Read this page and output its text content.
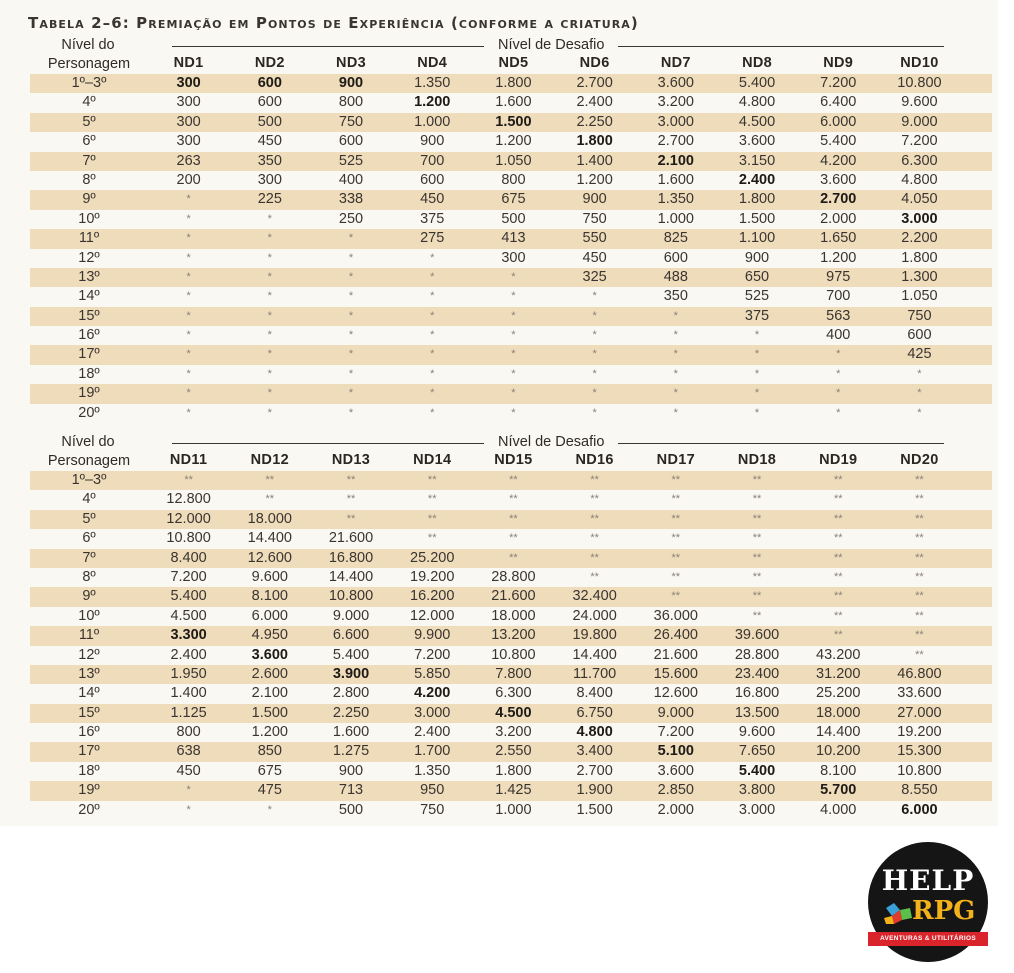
Tabela 2–6: Premiação em Pontos de Experiência (conforme a criatura)
Nível do
Personagem
Nível de Desafio
ND1	ND2	ND3	ND4	ND5	ND6	ND7	ND8	ND9	ND10
1º–3º	300	600	900	1.350	1.800	2.700	3.600	5.400	7.200	10.800
4º	300	600	800	1.200	1.600	2.400	3.200	4.800	6.400	9.600
5º	300	500	750	1.000	1.500	2.250	3.000	4.500	6.000	9.000
6º	300	450	600	900	1.200	1.800	2.700	3.600	5.400	7.200
7º	263	350	525	700	1.050	1.400	2.100	3.150	4.200	6.300
8º	200	300	400	600	800	1.200	1.600	2.400	3.600	4.800
9º	*	225	338	450	675	900	1.350	1.800	2.700	4.050
10º	*	*	250	375	500	750	1.000	1.500	2.000	3.000
11º	*	*	*	275	413	550	825	1.100	1.650	2.200
12º	*	*	*	*	300	450	600	900	1.200	1.800
13º	*	*	*	*	*	325	488	650	975	1.300
14º	*	*	*	*	*	*	350	525	700	1.050
15º	*	*	*	*	*	*	*	375	563	750
16º	*	*	*	*	*	*	*	*	400	600
17º	*	*	*	*	*	*	*	*	*	425
18º	*	*	*	*	*	*	*	*	*	*
19º	*	*	*	*	*	*	*	*	*	*
20º	*	*	*	*	*	*	*	*	*	*
Nível do
Personagem
Nível de Desafio
ND11	ND12	ND13	ND14	ND15	ND16	ND17	ND18	ND19	ND20
1º–3º	**	**	**	**	**	**	**	**	**	**
4º	12.800	**	**	**	**	**	**	**	**	**
5º	12.000	18.000	**	**	**	**	**	**	**	**
6º	10.800	14.400	21.600	**	**	**	**	**	**	**
7º	8.400	12.600	16.800	25.200	**	**	**	**	**	**
8º	7.200	9.600	14.400	19.200	28.800	**	**	**	**	**
9º	5.400	8.100	10.800	16.200	21.600	32.400	**	**	**	**
10º	4.500	6.000	9.000	12.000	18.000	24.000	36.000	**	**	**
11º	3.300	4.950	6.600	9.900	13.200	19.800	26.400	39.600	**	**
12º	2.400	3.600	5.400	7.200	10.800	14.400	21.600	28.800	43.200	**
13º	1.950	2.600	3.900	5.850	7.800	11.700	15.600	23.400	31.200	46.800
14º	1.400	2.100	2.800	4.200	6.300	8.400	12.600	16.800	25.200	33.600
15º	1.125	1.500	2.250	3.000	4.500	6.750	9.000	13.500	18.000	27.000
16º	800	1.200	1.600	2.400	3.200	4.800	7.200	9.600	14.400	19.200
17º	638	850	1.275	1.700	2.550	3.400	5.100	7.650	10.200	15.300
18º	450	675	900	1.350	1.800	2.700	3.600	5.400	8.100	10.800
19º	*	475	713	950	1.425	1.900	2.850	3.800	5.700	8.550
20º	*	*	500	750	1.000	1.500	2.000	3.000	4.000	6.000
HELP
RPG
AVENTURAS & UTILITÁRIOS
